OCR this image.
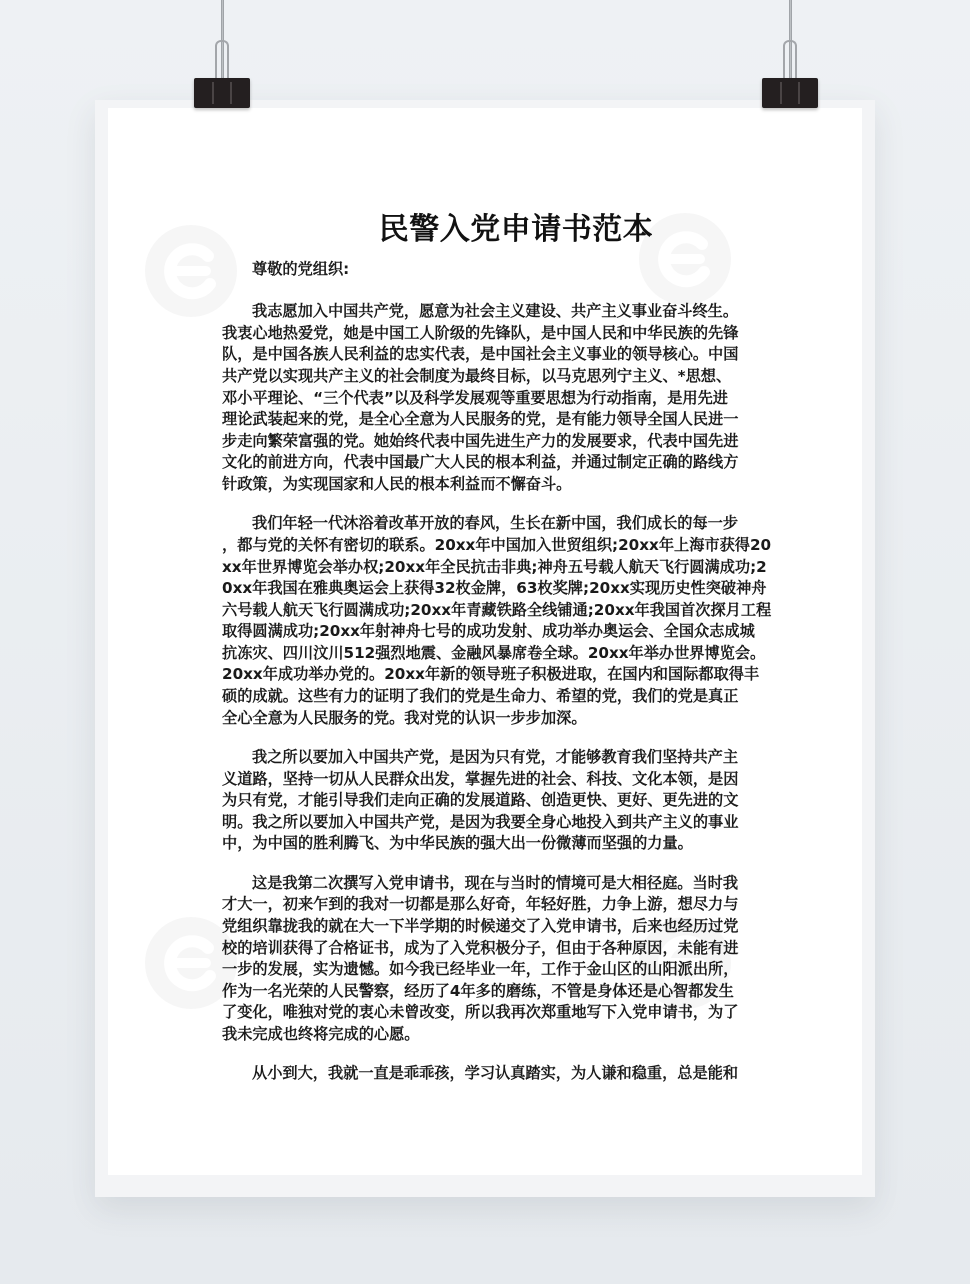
民警入党申请书范本
尊敬的党组织:
我志愿加入中国共产党，愿意为社会主义建设、共产主义事业奋斗终生。
我衷心地热爱党，她是中国工人阶级的先锋队，是中国人民和中华民族的先锋
队，是中国各族人民利益的忠实代表，是中国社会主义事业的领导核心。中国
共产党以实现共产主义的社会制度为最终目标，以马克思列宁主义、*思想、
邓小平理论、“三个代表”以及科学发展观等重要思想为行动指南，是用先进
理论武装起来的党，是全心全意为人民服务的党，是有能力领导全国人民进一
步走向繁荣富强的党。她始终代表中国先进生产力的发展要求，代表中国先进
文化的前进方向，代表中国最广大人民的根本利益，并通过制定正确的路线方
针政策，为实现国家和人民的根本利益而不懈奋斗。
我们年轻一代沐浴着改革开放的春风，生长在新中国，我们成长的每一步
，都与党的关怀有密切的联系。20xx年中国加入世贸组织;20xx年上海市获得20
xx年世界博览会举办权;20xx年全民抗击非典;神舟五号载人航天飞行圆满成功;2
0xx年我国在雅典奥运会上获得32枚金牌，63枚奖牌;20xx实现历史性突破神舟
六号载人航天飞行圆满成功;20xx年青藏铁路全线铺通;20xx年我国首次探月工程
取得圆满成功;20xx年射神舟七号的成功发射、成功举办奥运会、全国众志成城
抗冻灾、四川汶川512强烈地震、金融风暴席卷全球。20xx年举办世界博览会。
20xx年成功举办党的。20xx年新的领导班子积极进取，在国内和国际都取得丰
硕的成就。这些有力的证明了我们的党是生命力、希望的党，我们的党是真正
全心全意为人民服务的党。我对党的认识一步步加深。
我之所以要加入中国共产党，是因为只有党，才能够教育我们坚持共产主
义道路，坚持一切从人民群众出发，掌握先进的社会、科技、文化本领，是因
为只有党，才能引导我们走向正确的发展道路、创造更快、更好、更先进的文
明。我之所以要加入中国共产党，是因为我要全身心地投入到共产主义的事业
中，为中国的胜利腾飞、为中华民族的强大出一份微薄而坚强的力量。
这是我第二次撰写入党申请书，现在与当时的情境可是大相径庭。当时我
才大一，初来乍到的我对一切都是那么好奇，年轻好胜，力争上游，想尽力与
党组织靠拢我的就在大一下半学期的时候递交了入党申请书，后来也经历过党
校的培训获得了合格证书，成为了入党积极分子，但由于各种原因，未能有进
一步的发展，实为遗憾。如今我已经毕业一年，工作于金山区的山阳派出所，
作为一名光荣的人民警察，经历了4年多的磨练，不管是身体还是心智都发生
了变化，唯独对党的衷心未曾改变，所以我再次郑重地写下入党申请书，为了
我未完成也终将完成的心愿。
从小到大，我就一直是乖乖孩，学习认真踏实，为人谦和稳重，总是能和
